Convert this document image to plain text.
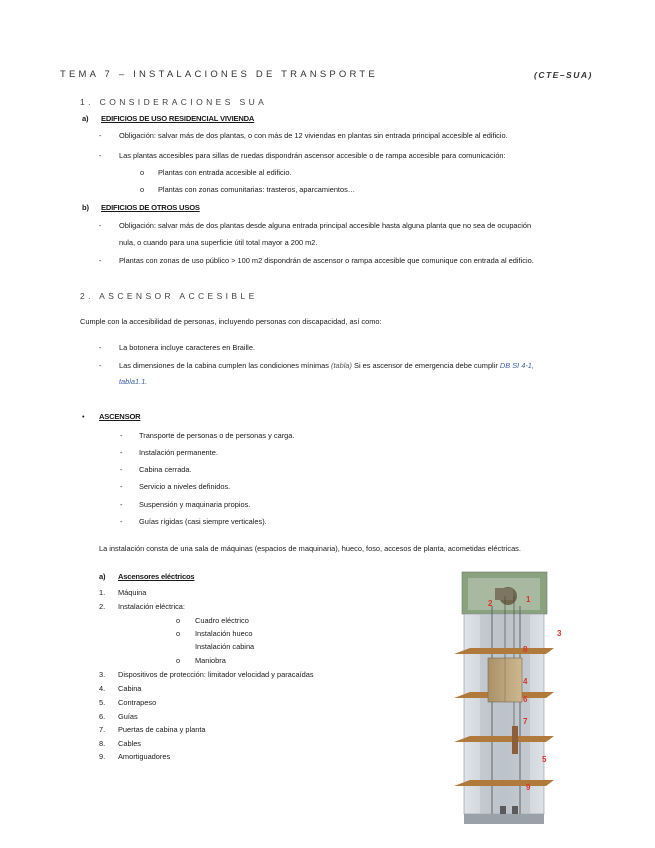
TEMA 7 – INSTALACIONES DE TRANSPORTE	(CTE–SUA)
1. CONSIDERACIONES SUA
a) EDIFICIOS DE USO RESIDENCIAL VIVIENDA
- Obligación: salvar más de dos plantas, o con más de 12 viviendas en plantas sin entrada principal accesible al edificio.
- Las plantas accesibles para sillas de ruedas dispondrán ascensor accesible o de rampa accesible para comunicación:
o Plantas con entrada accesible al edificio.
o Plantas con zonas comunitarias: trasteros, aparcamientos…
b) EDIFICIOS DE OTROS USOS
- Obligación: salvar más de dos plantas desde alguna entrada principal accesible hasta alguna planta que no sea de ocupación
nula, o cuando para una superficie útil total mayor a 200 m2.
- Plantas con zonas de uso público > 100 m2 dispondrán de ascensor o rampa accesible que comunique con entrada al edificio.
2. ASCENSOR ACCESIBLE
Cumple con la accesibilidad de personas, incluyendo personas con discapacidad, así como:
- La botonera incluye caracteres en Braille.
- Las dimensiones de la cabina cumplen las condiciones mínimas (tabla) Si es ascensor de emergencia debe cumplir DB SI 4-1,
tabla1.1.
• ASCENSOR
- Transporte de personas o de personas y carga.
- Instalación permanente.
- Cabina cerrada.
- Servicio a niveles definidos.
- Suspensión y maquinaria propios.
- Guías rígidas (casi siempre verticales).
La instalación consta de una sala de máquinas (espacios de maquinaria), hueco, foso, accesos de planta, acometidas eléctricas.
a) Ascensores eléctricos
1. Máquina
2. Instalación eléctrica:
o Cuadro eléctrico
o Instalación hueco
Instalación cabina
o Maniobra
3. Dispositivos de protección: limitador velocidad y paracaídas
4. Cabina
5. Contrapeso
6. Guías
7. Puertas de cabina y planta
8. Cables
9. Amortiguadores
1
2
3
4
5
6
7
8
9
